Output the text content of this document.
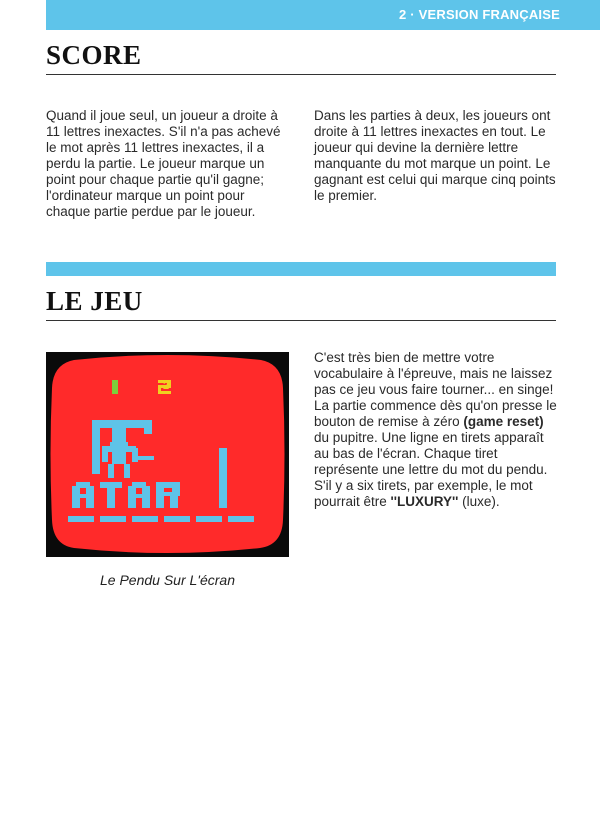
2 · VERSION FRANÇAISE
SCORE

Quand il joue seul, un joueur a droite à 11 lettres inexactes. S'il n'a pas achevé le mot après 11 lettres inexactes, il a perdu la partie. Le joueur marque un point pour chaque partie qu'il gagne; l'ordinateur marque un point pour chaque partie perdue par le joueur.

Dans les parties à deux, les joueurs ont droite à 11 lettres inexactes en tout. Le joueur qui devine la dernière lettre manquante du mot marque un point. Le gagnant est celui qui marque cinq points le premier.

LE JEU
Le Pendu Sur L'écran

C'est très bien de mettre votre vocabulaire à l'épreuve, mais ne laissez pas ce jeu vous faire tourner... en singe! La partie commence dès qu'on presse le bouton de remise à zéro (game reset) du pupitre. Une ligne en tirets apparaît au bas de l'écran. Chaque tiret représente une lettre du mot du pendu. S'il y a six tirets, par exemple, le mot pourrait être ''LUXURY'' (luxe).
